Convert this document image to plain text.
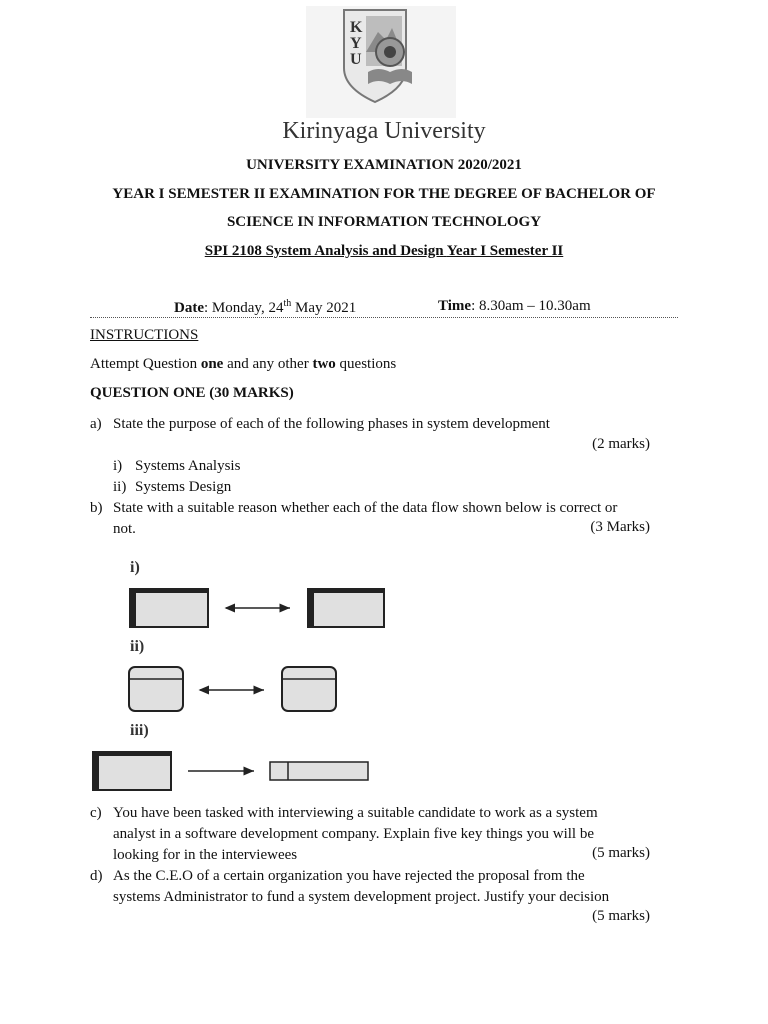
K
Y
U
Kirinyaga University
UNIVERSITY EXAMINATION 2020/2021
YEAR I SEMESTER II EXAMINATION FOR THE DEGREE OF BACHELOR OF
SCIENCE IN INFORMATION TECHNOLOGY
SPI 2108 System Analysis and Design Year I Semester II
Date: Monday, 24th May 2021	Time: 8.30am – 10.30am
INSTRUCTIONS
Attempt Question one and any other two questions
QUESTION ONE (30 MARKS)
a) State the purpose of each of the following phases in system development
(2 marks)
i) Systems Analysis
ii) Systems Design
b) State with a suitable reason whether each of the data flow shown below is correct or
not.	(3 Marks)
i)
ii)
iii)
c) You have been tasked with interviewing a suitable candidate to work as a system
analyst in a software development company. Explain five key things you will be
looking for in the interviewees	(5 marks)
d) As the C.E.O of a certain organization you have rejected the proposal from the
systems Administrator to fund a system development project. Justify your decision
(5 marks)
